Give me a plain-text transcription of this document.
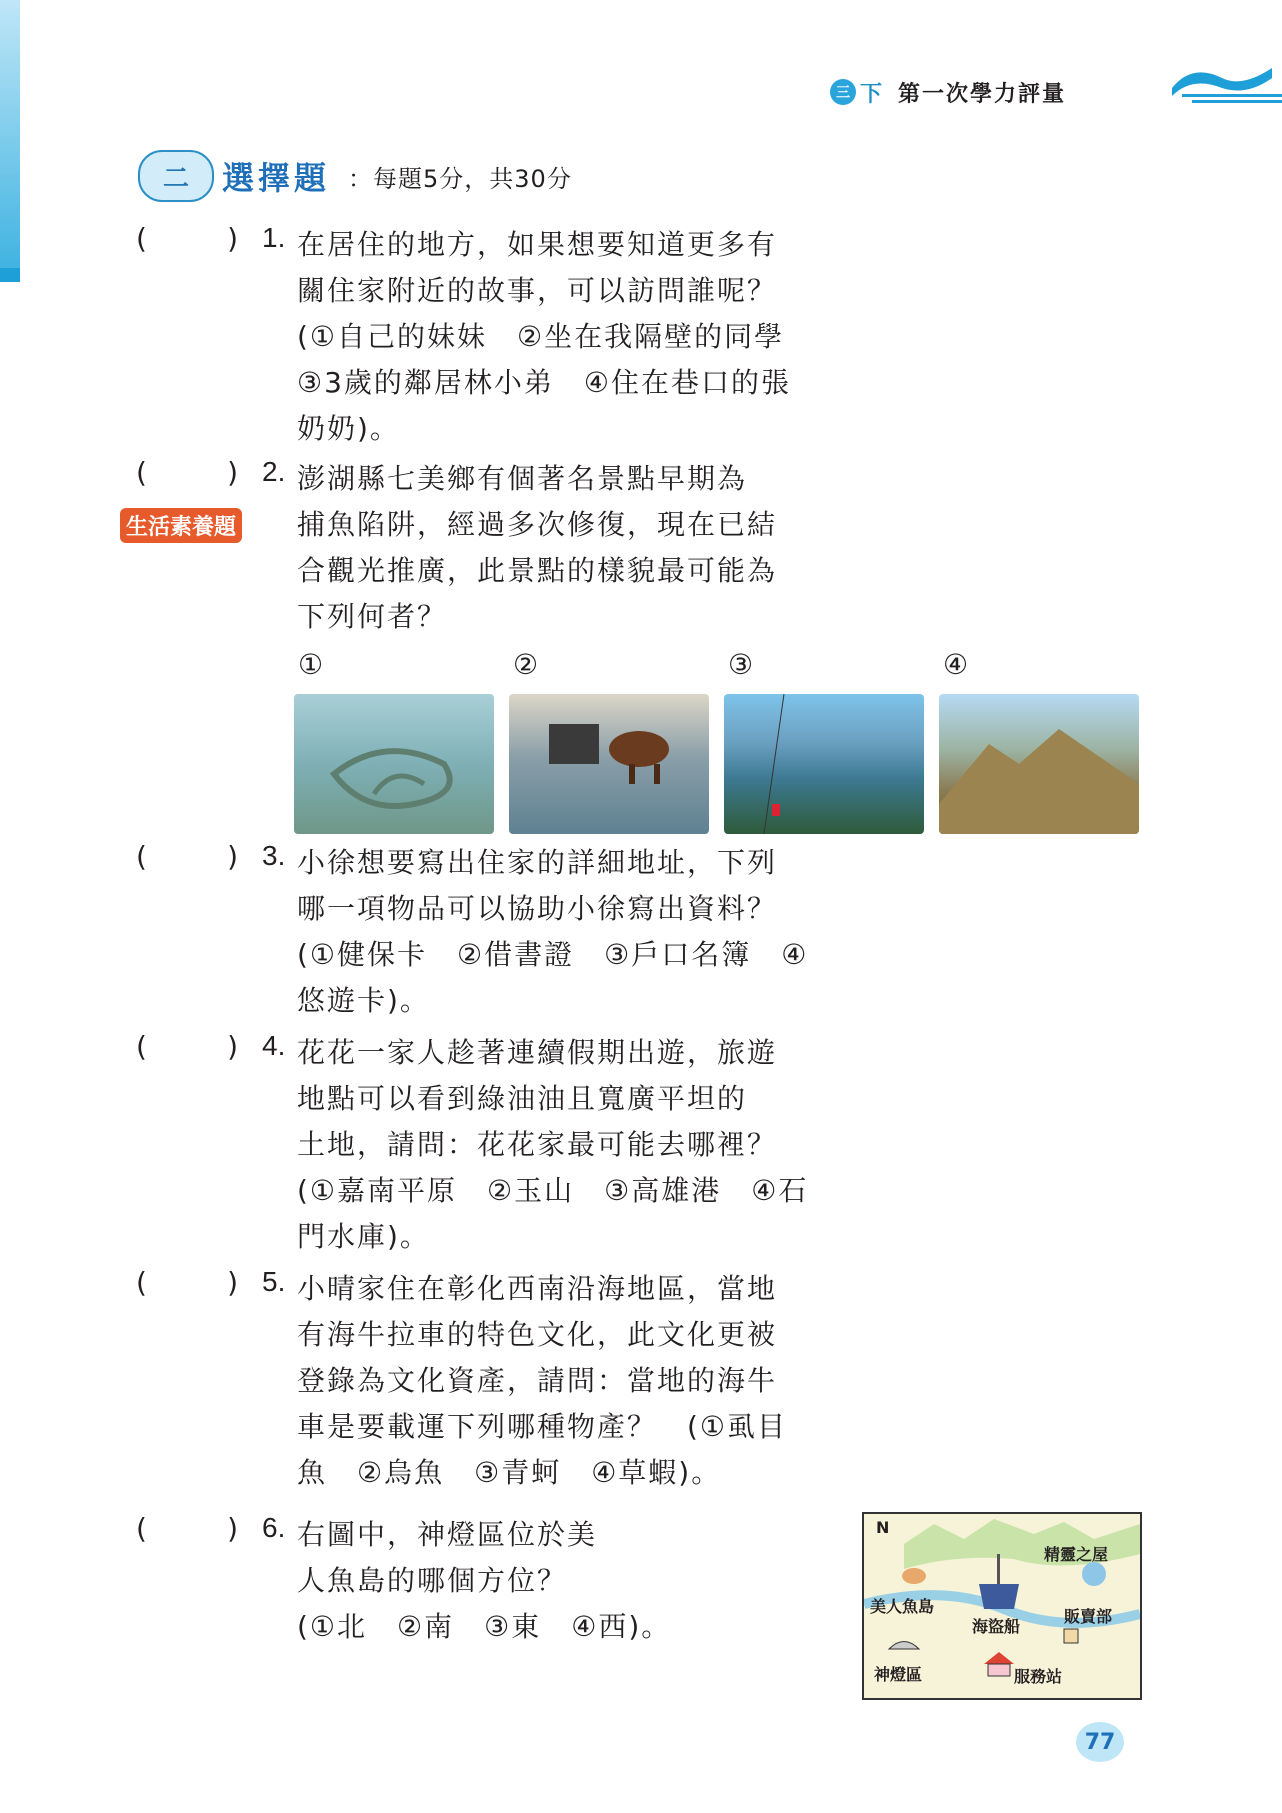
三 下 第一次學力評量
二	選擇題 ：每題5分，共30分
(	) 1. 在居住的地方，如果想要知道更多有
關住家附近的故事，可以訪問誰呢？
(①自己的妹妹　②坐在我隔壁的同學
③3歲的鄰居林小弟　④住在巷口的張
奶奶)。
(	) 2. 澎湖縣七美鄉有個著名景點早期為
捕魚陷阱，經過多次修復，現在已結
合觀光推廣，此景點的樣貌最可能為
下列何者？
生活素養題
①	②	③	④
(	) 3. 小徐想要寫出住家的詳細地址，下列
哪一項物品可以協助小徐寫出資料？
(①健保卡　②借書證　③戶口名簿　④
悠遊卡)。
(	) 4. 花花一家人趁著連續假期出遊，旅遊
地點可以看到綠油油且寬廣平坦的
土地，請問：花花家最可能去哪裡？
(①嘉南平原　②玉山　③高雄港　④石
門水庫)。
(	) 5. 小晴家住在彰化西南沿海地區，當地
有海牛拉車的特色文化，此文化更被
登錄為文化資產，請問：當地的海牛
車是要載運下列哪種物產？　(①虱目
魚　②烏魚　③青蚵　④草蝦)。
(	) 6. 右圖中，神燈區位於美
人魚島的哪個方位？
(①北　②南　③東　④西)。
N
精靈之屋
美人魚島
海盜船
販賣部
神燈區	服務站
77
